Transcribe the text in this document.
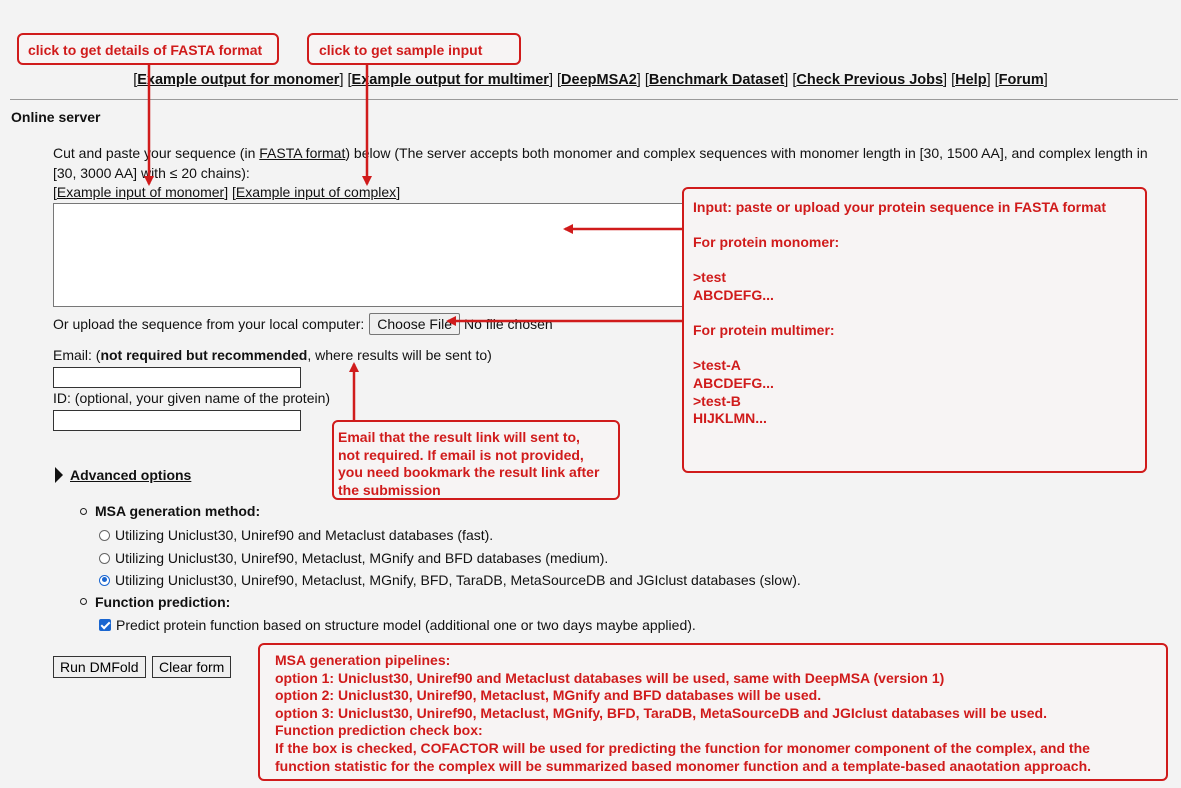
[Example output for monomer] [Example output for multimer] [DeepMSA2] [Benchmark Dataset] [Check Previous Jobs] [Help] [Forum]
Online server
Cut and paste your sequence (in FASTA format) below (The server accepts both monomer and complex sequences with monomer length in [30, 1500 AA], and complex length in [30, 3000 AA] with ≤ 20 chains):
[Example input of monomer] [Example input of complex]
Or upload the sequence from your local computer: Choose File No file chosen
Email: (not required but recommended, where results will be sent to)
ID: (optional, your given name of the protein)
Advanced options
MSA generation method:
Utilizing Uniclust30, Uniref90 and Metaclust databases (fast).
Utilizing Uniclust30, Uniref90, Metaclust, MGnify and BFD databases (medium).
Utilizing Uniclust30, Uniref90, Metaclust, MGnify, BFD, TaraDB, MetaSourceDB and JGIclust databases (slow).
Function prediction:
Predict protein function based on structure model (additional one or two days maybe applied).
Run DMFold	Clear form
click to get details of FASTA format	click to get sample input
Input: paste or upload your protein sequence in FASTA format

For protein monomer:

>test
ABCDEFG...

For protein multimer:

>test-A
ABCDEFG...
>test-B
HIJKLMN...
Email that the result link will sent to,
not required. If email is not provided,
you need bookmark the result link after
the submission
MSA generation pipelines:
option 1: Uniclust30, Uniref90 and Metaclust databases will be used, same with DeepMSA (version 1)
option 2: Uniclust30, Uniref90, Metaclust, MGnify and BFD databases will be used.
option 3: Uniclust30, Uniref90, Metaclust, MGnify, BFD, TaraDB, MetaSourceDB and JGIclust databases will be used.
Function prediction check box:
If the box is checked, COFACTOR will be used for predicting the function for monomer component of the complex, and the
function statistic for the complex will be summarized based monomer function and a template-based anaotation approach.
